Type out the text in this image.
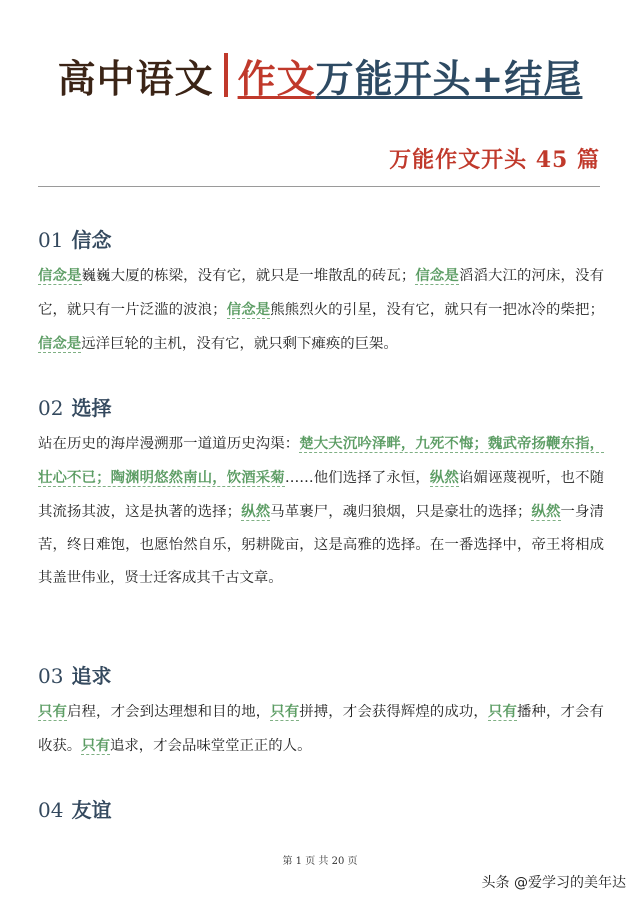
高中语文 作文 万能开头+结尾
万能作文开头 45 篇
01 信念

信念是巍巍大厦的栋梁，没有它，就只是一堆散乱的砖瓦；信念是滔滔大江的河床，没有它，就只有一片泛滥的波浪；信念是熊熊烈火的引星，没有它，就只有一把冰冷的柴把；信念是远洋巨轮的主机，没有它，就只剩下瘫痪的巨架。

02 选择

站在历史的海岸漫溯那一道道历史沟渠：楚大夫沉吟泽畔，九死不悔；魏武帝扬鞭东指，壮心不已；陶渊明悠然南山，饮酒采菊……他们选择了永恒，纵然谄媚诬蔑视听，也不随其流扬其波，这是执著的选择；纵然马革裹尸，魂归狼烟，只是豪壮的选择；纵然一身清苦，终日难饱，也愿怡然自乐，躬耕陇亩，这是高雅的选择。在一番选择中，帝王将相成其盖世伟业，贤士迁客成其千古文章。

03 追求

只有启程，才会到达理想和目的地，只有拼搏，才会获得辉煌的成功，只有播种，才会有收获。只有追求，才会品味堂堂正正的人。

04 友谊

第 1 页 共 20 页
头条 @爱学习的美年达
